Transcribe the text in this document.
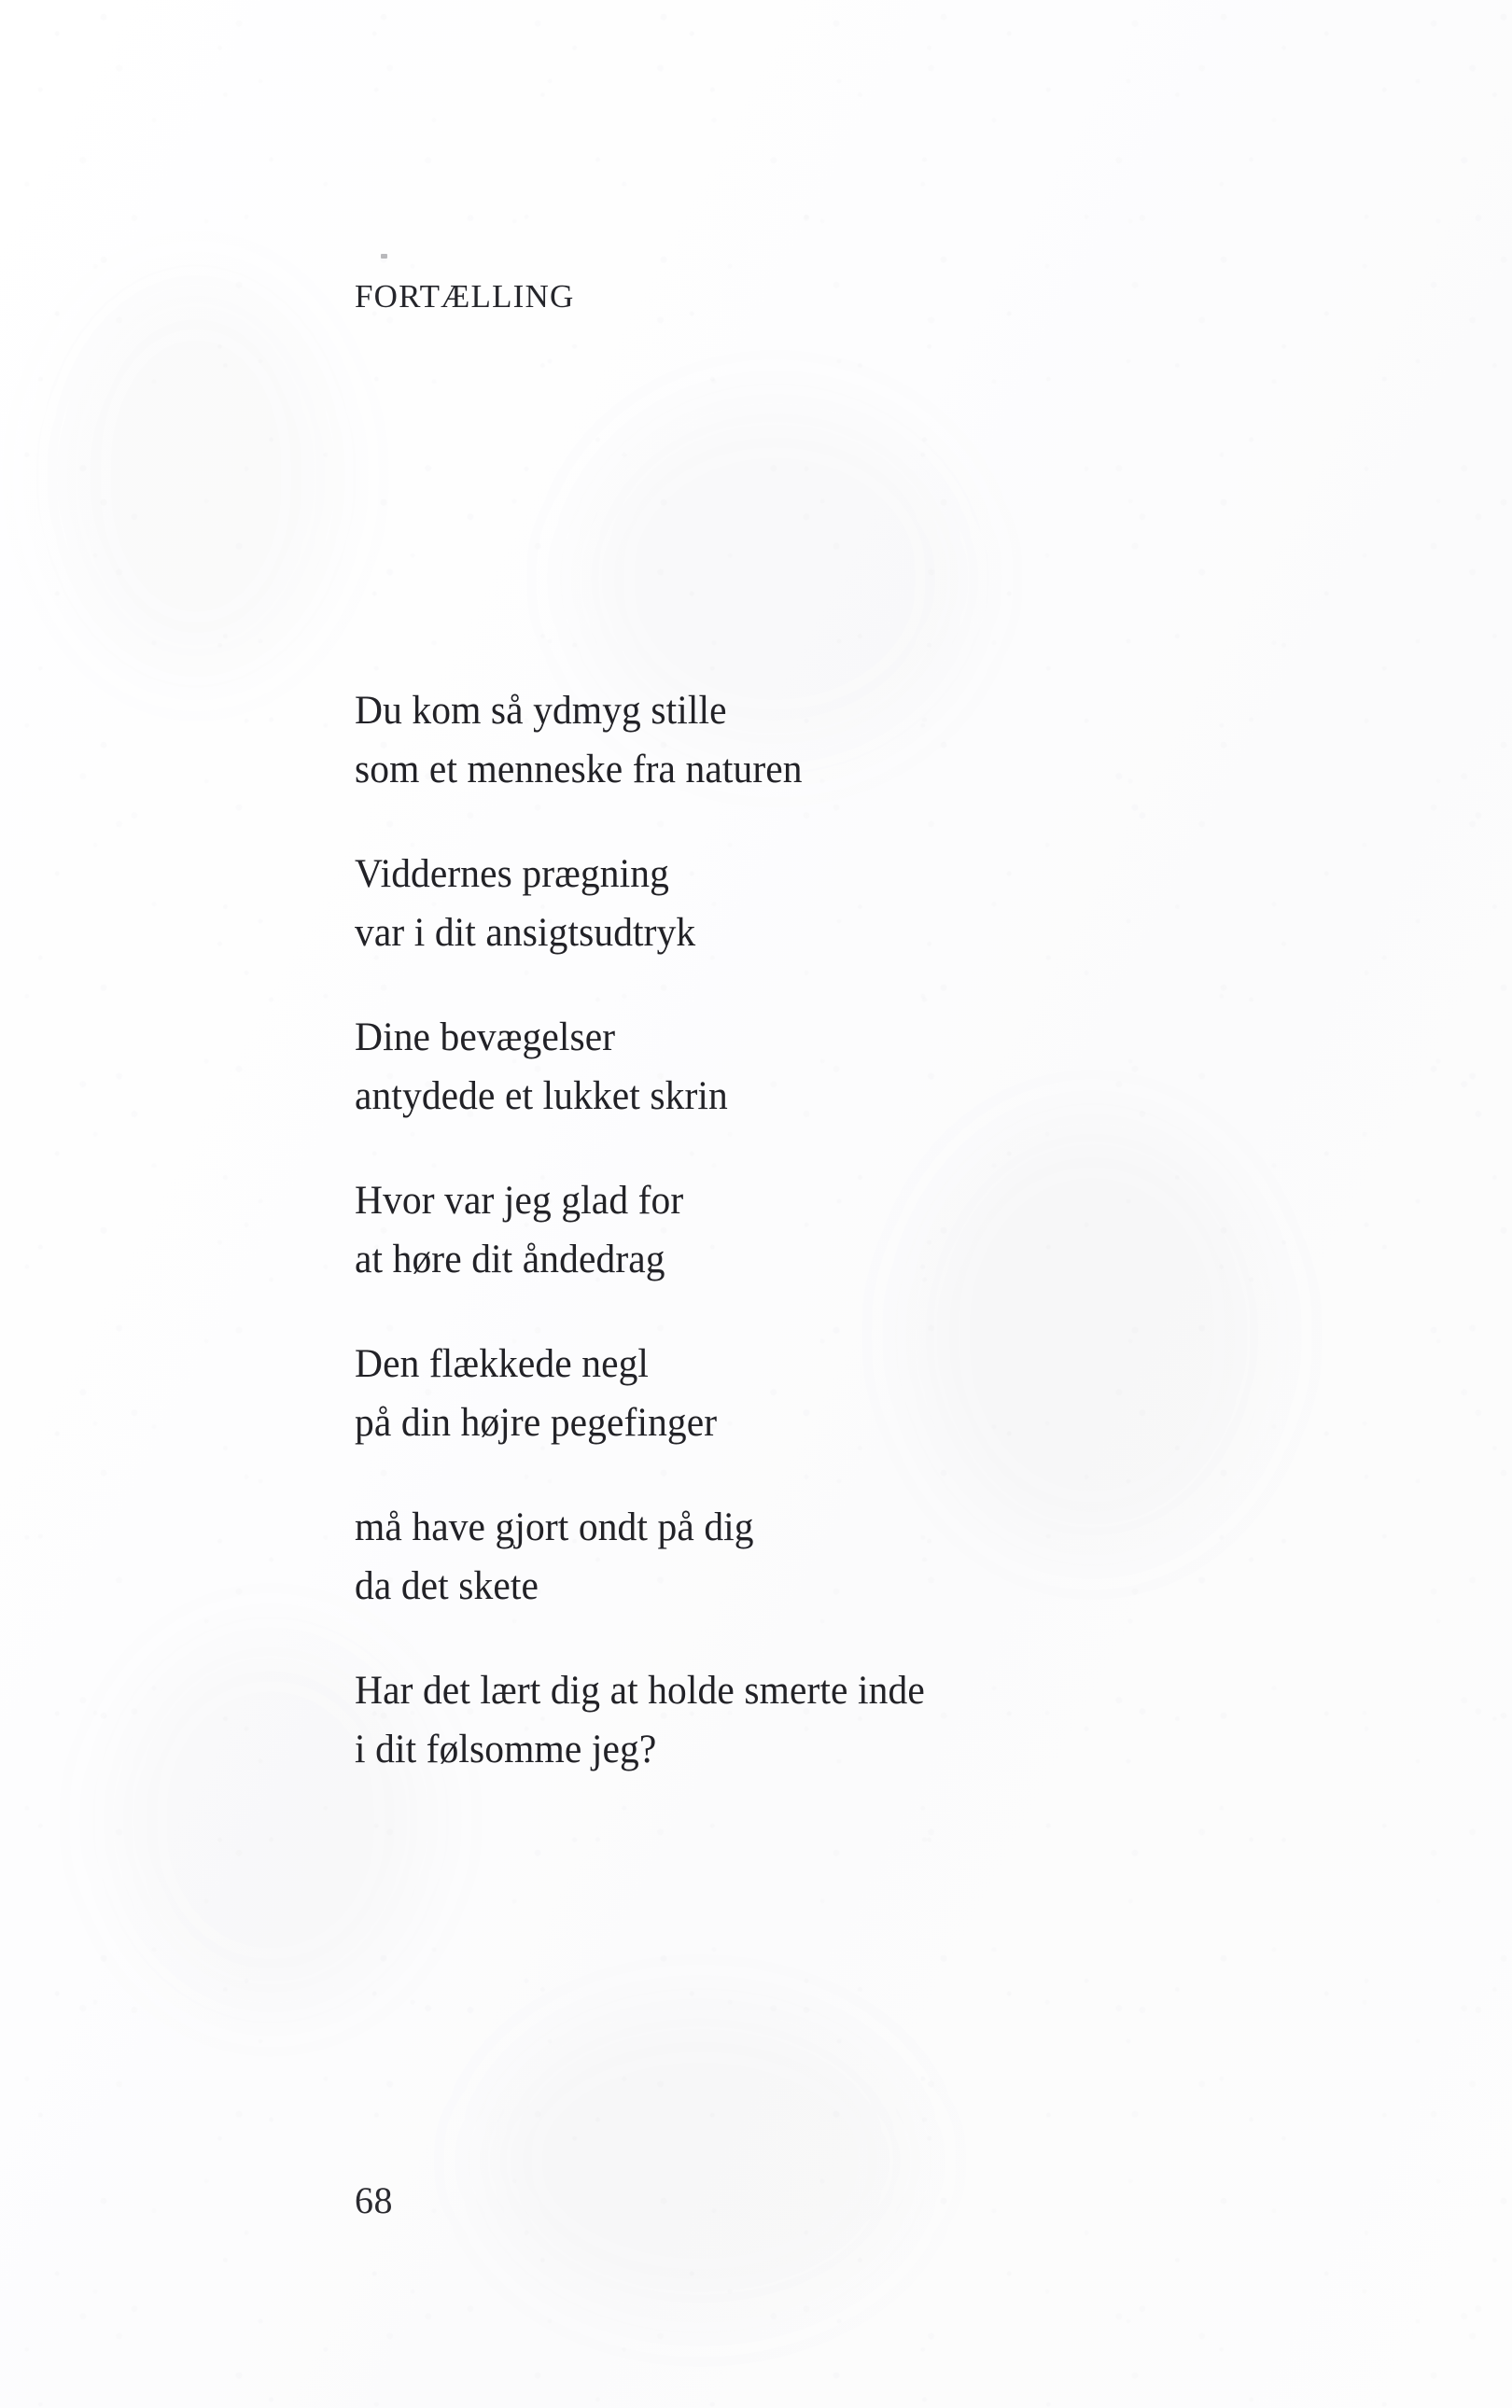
fortælling
Du kom så ydmyg stille
som et menneske fra naturen
Viddernes prægning
var i dit ansigtsudtryk
Dine bevægelser
antydede et lukket skrin
Hvor var jeg glad for
at høre dit åndedrag
Den flækkede negl
på din højre pegefinger
må have gjort ondt på dig
da det skete
Har det lært dig at holde smerte inde
i dit følsomme jeg?
68
